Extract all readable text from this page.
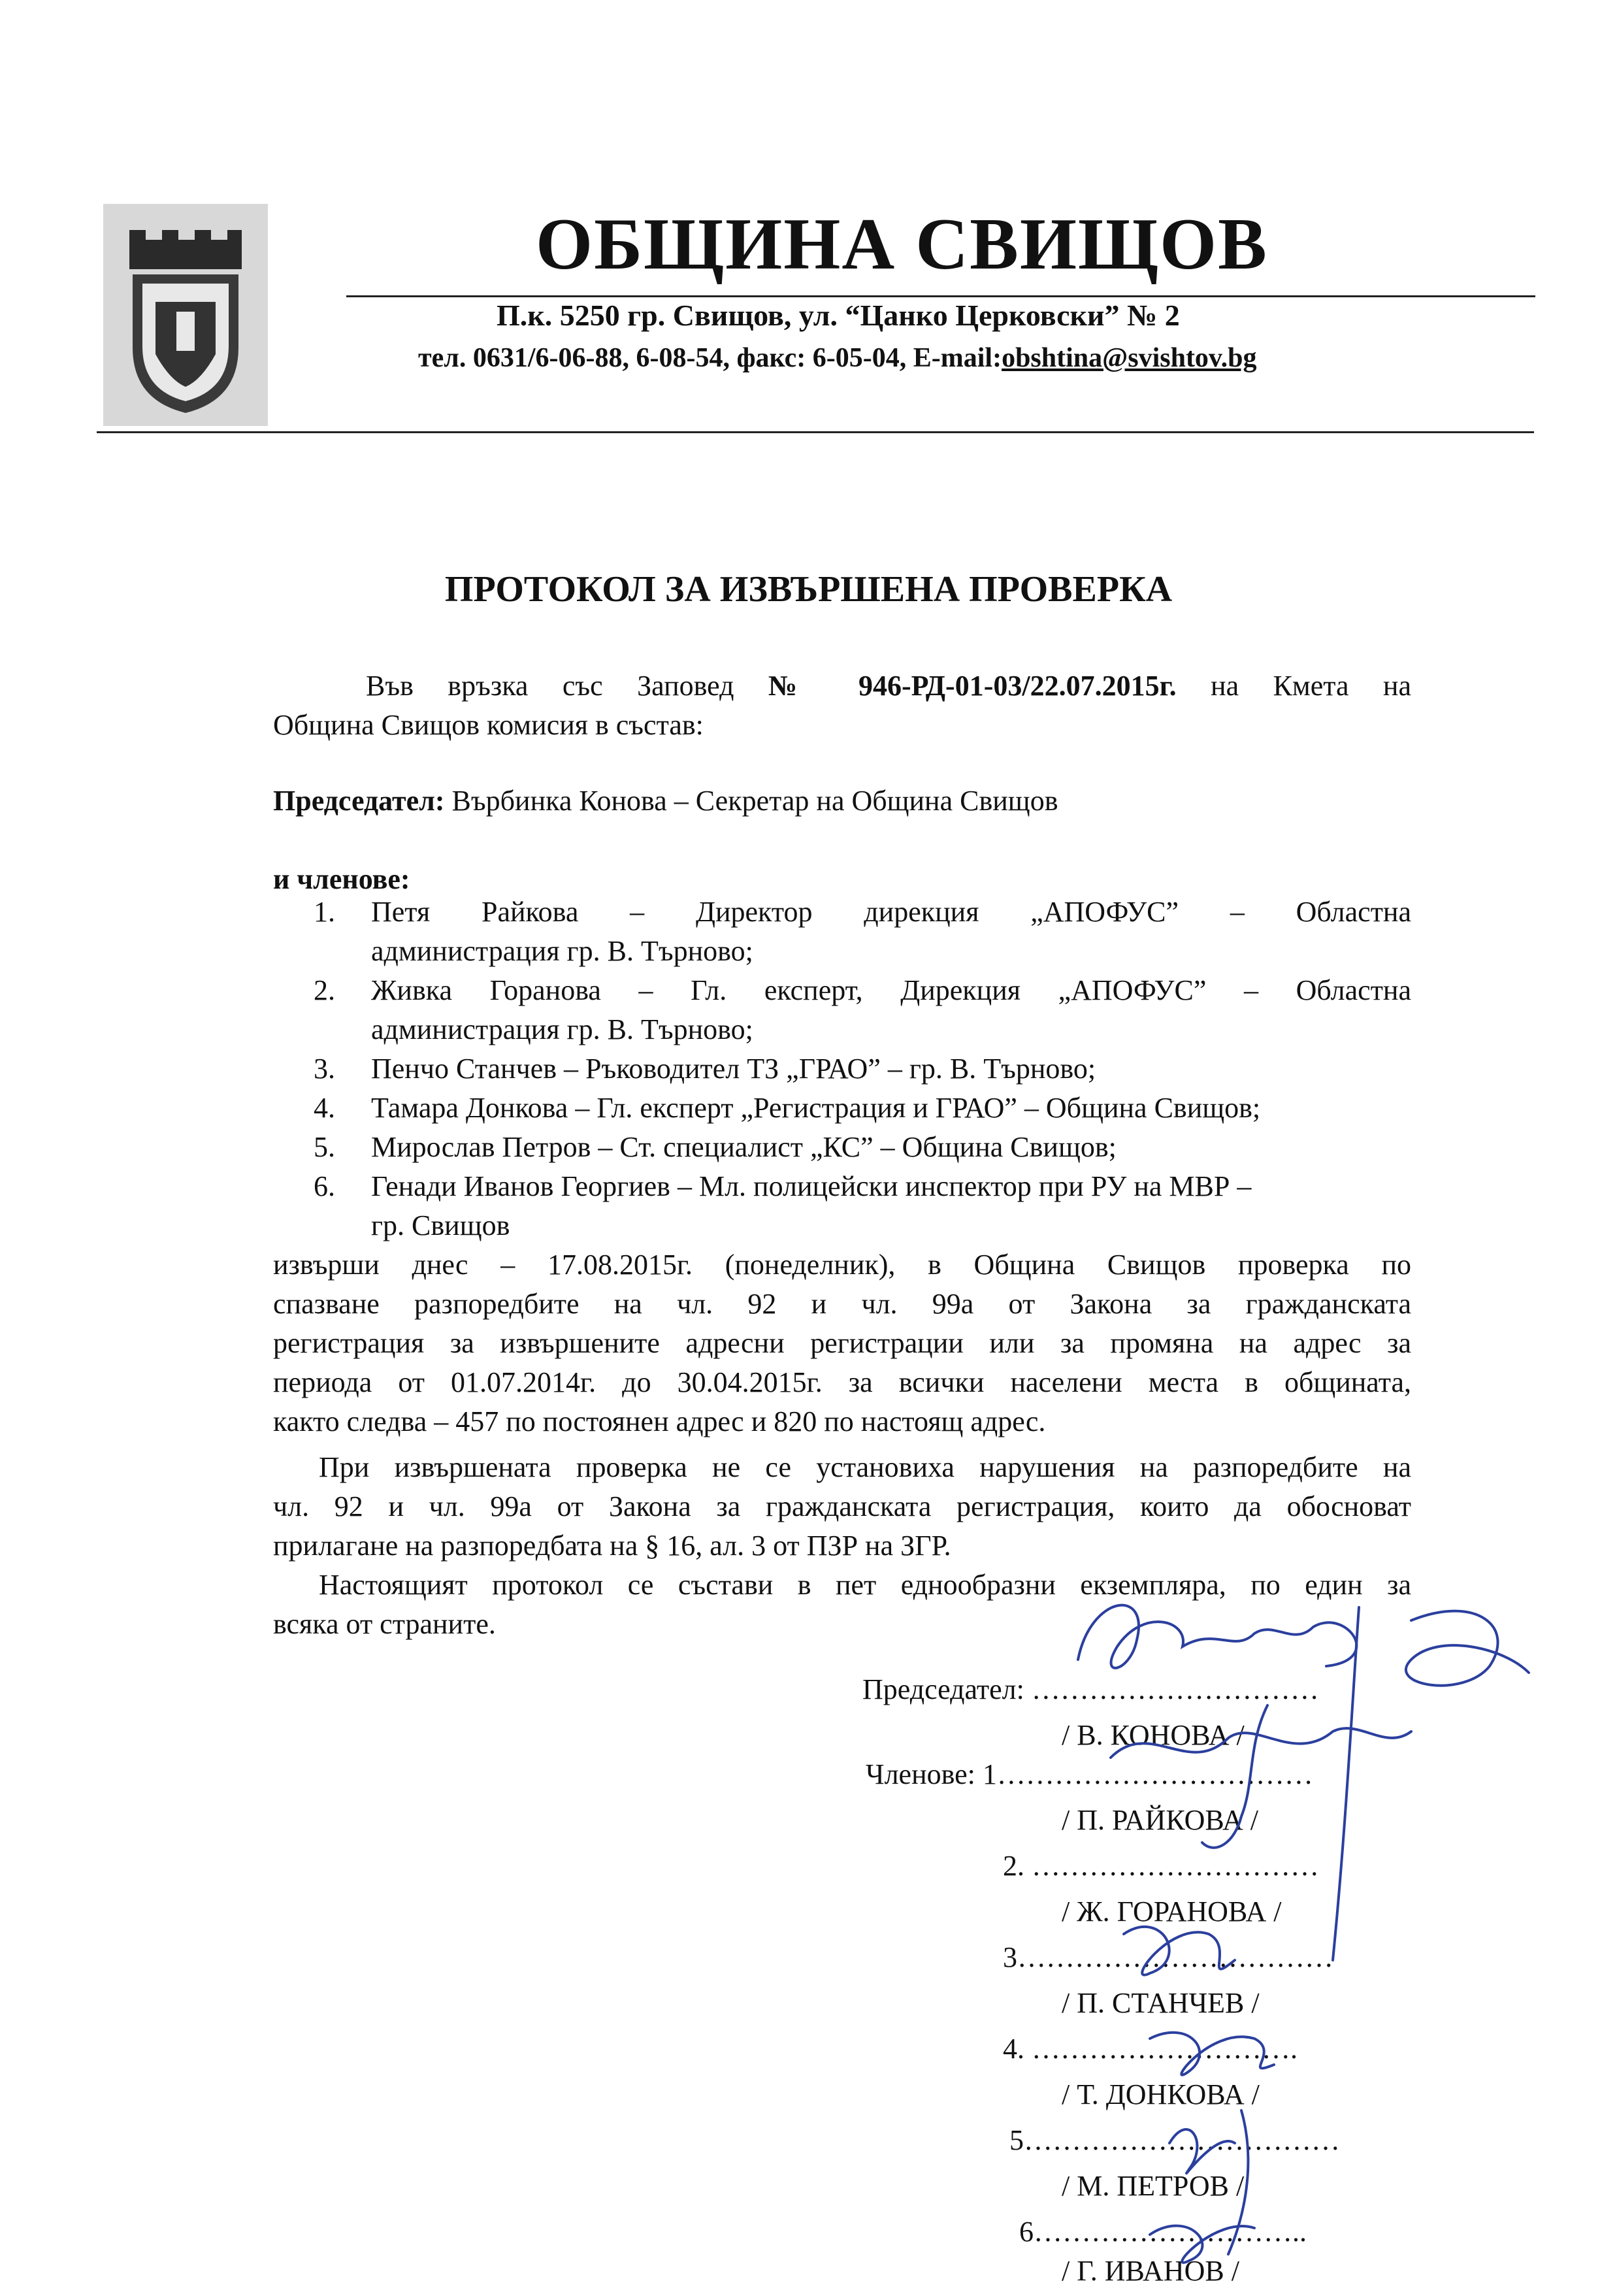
ОБЩИНА СВИЩОВ
П.к. 5250 гр. Свищов, ул. “Цанко Церковски” № 2
тел. 0631/6-06-88, 6-08-54, факс: 6-05-04, E-mail:obshtina@svishtov.bg
ПРОТОКОЛ ЗА ИЗВЪРШЕНА ПРОВЕРКА
Във връзка със Заповед № 946-РД-01-03/22.07.2015г. на Кмета на
Община Свищов комисия в състав:
Председател: Върбинка Конова – Секретар на Община Свищов
и членове:
1.	Петя Райкова – Директор дирекция „АПОФУС” – Областна
администрация гр. В. Търново;
2.	Живка Горанова – Гл. експерт, Дирекция „АПОФУС” – Областна
администрация гр. В. Търново;
3.	Пенчо Станчев – Ръководител ТЗ „ГРАО” – гр. В. Търново;
4.	Тамара Донкова – Гл. експерт „Регистрация и ГРАО” – Община Свищов;
5.	Мирослав Петров – Ст. специалист „КС” – Община Свищов;
6.	Генади Иванов Георгиев – Мл. полицейски инспектор при РУ на МВР –
гр. Свищов
извърши днес – 17.08.2015г. (понеделник), в Община Свищов проверка по
спазване разпоредбите на чл. 92 и чл. 99а от Закона за гражданската
регистрация за извършените адресни регистрации или за промяна на адрес за
периода от 01.07.2014г. до 30.04.2015г. за всички населени места в общината,
както следва – 457 по постоянен адрес и 820 по настоящ адрес.
При извършената проверка не се установиха нарушения на разпоредбите на
чл. 92 и чл. 99а от Закона за гражданската регистрация, които да обосноват
прилагане на разпоредбата на § 16, ал. 3 от ПЗР на ЗГР.
Настоящият протокол се състави в пет еднообразни екземпляра, по един за
всяка от страните.
Председател: …………………………
/ В. КОНОВА /
Членове: 1……………………………
/ П. РАЙКОВА /
2. …………………………
/ Ж. ГОРАНОВА /
3……………………………
/ П. СТАНЧЕВ /
4. ……………………….
/ Т. ДОНКОВА /
5……………………………
/ М. ПЕТРОВ /
6………………………..
/ Г. ИВАНОВ /
